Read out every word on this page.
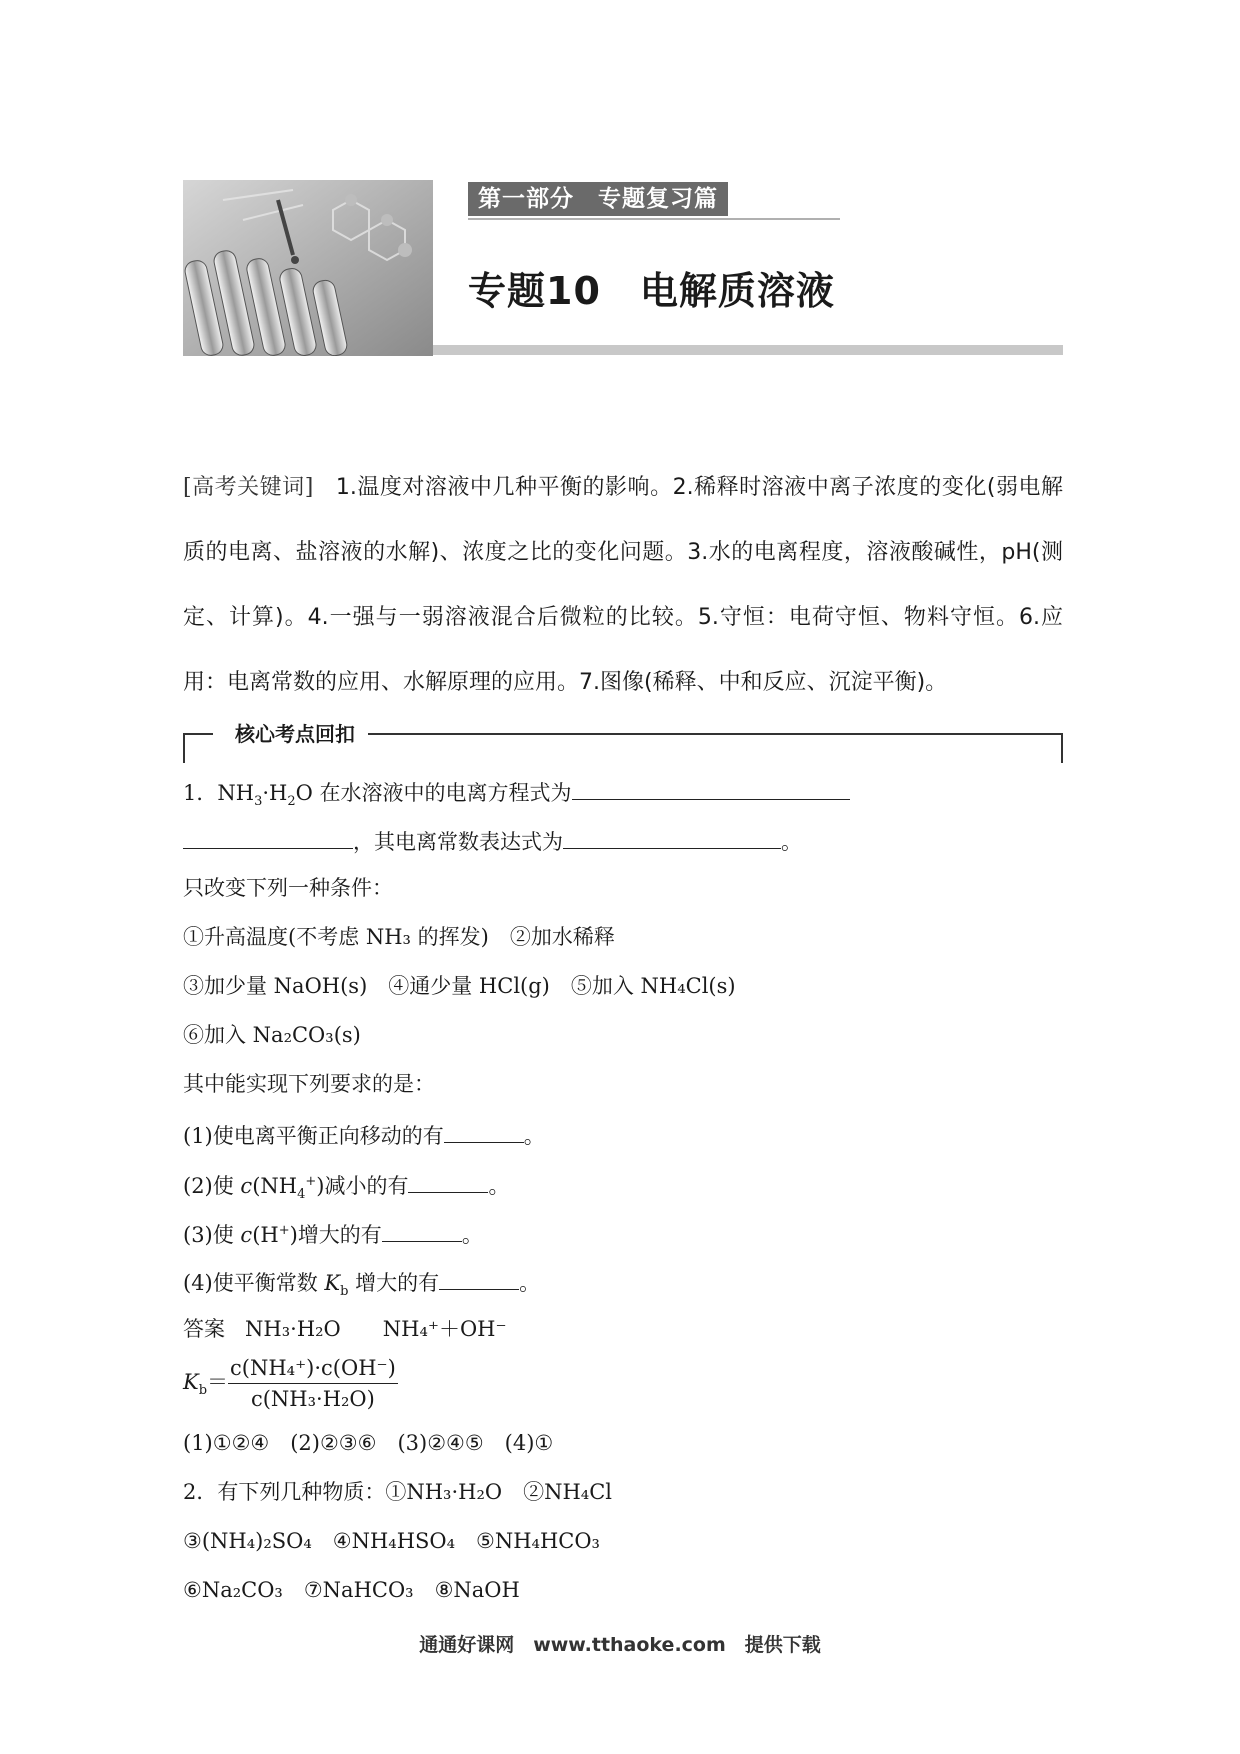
第一部分　专题复习篇
专题10　电解质溶液
[高考关键词] 1.温度对溶液中几种平衡的影响。2.稀释时溶液中离子浓度的变化(弱电解质的电离、盐溶液的水解)、浓度之比的变化问题。3.水的电离程度，溶液酸碱性，pH(测定、计算)。4.一强与一弱溶液混合后微粒的比较。5.守恒：电荷守恒、物料守恒。6.应用：电离常数的应用、水解原理的应用。7.图像(稀释、中和反应、沉淀平衡)。
核心考点回扣
1．$NH_3\cdot H_2O$ 在水溶液中的电离方程式为
，其电离常数表达式为	。
只改变下列一种条件：
①升高温度(不考虑 NH₃ 的挥发)　②加水稀释
③加少量 NaOH(s)　④通少量 HCl(g)　⑤加入 NH₄Cl(s)
⑥加入 Na₂CO₃(s)
其中能实现下列要求的是：
(1)使电离平衡正向移动的有	。
(2)使 $c(NH_4^+)$减小的有	。
(3)使 c(H+)增大的有	。
(4)使平衡常数 $K_b$ 增大的有	。
答案 NH₃·H₂O　　NH₄⁺＋OH⁻
$K_b= \frac{\text{c(NH₄⁺)·c(OH⁻)}}{\text{c(NH₃·H₂O)}}$
(1)①②④　(2)②③⑥　(3)②④⑤　(4)①
2．有下列几种物质：①NH₃·H₂O　②NH₄Cl
③(NH₄)₂SO₄　④NH₄HSO₄　⑤NH₄HCO₃
⑥Na₂CO₃　⑦NaHCO₃　⑧NaOH
通通好课网　www.tthaoke.com　提供下载
